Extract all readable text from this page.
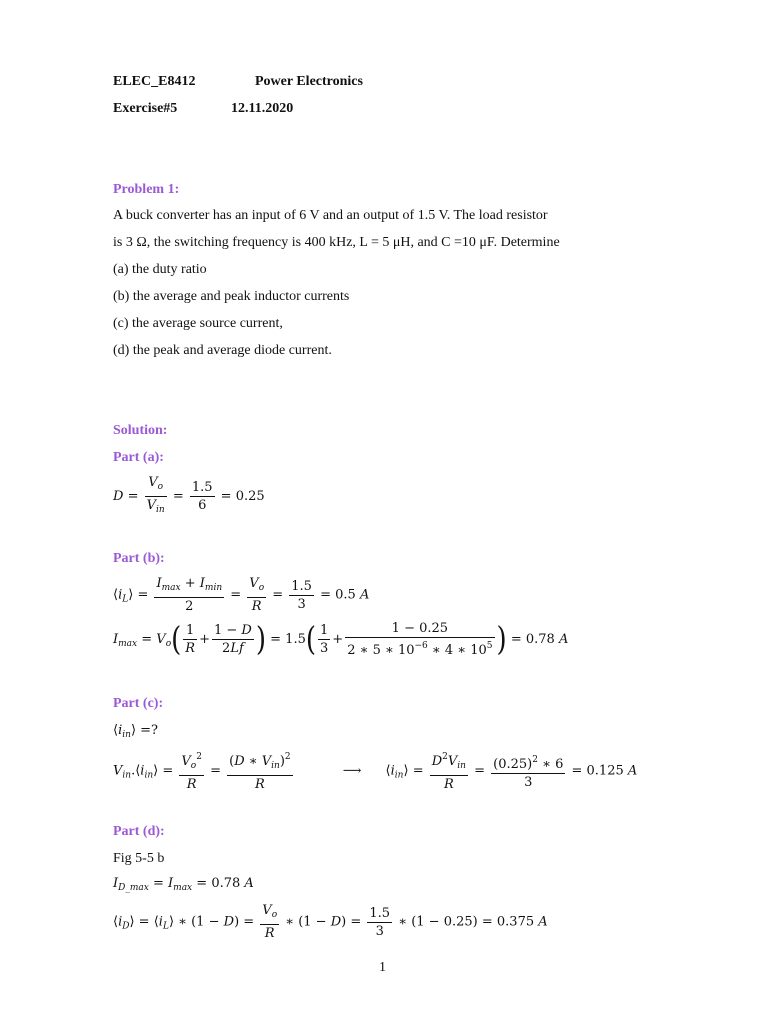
ELEC_E8412	Power Electronics
Exercise#5	12.11.2020
Problem 1:
A buck converter has an input of 6 V and an output of 1.5 V. The load resistor
is 3 Ω, the switching frequency is 400 kHz, L = 5 μH, and C =10 μF. Determine
(a) the duty ratio
(b) the average and peak inductor currents
(c) the average source current,
(d) the peak and average diode current.
Solution:
Part (a):
$D = \frac{V_o}{V_{in}} = \frac{1.5}{6} = 0.25$
Part (b):
$⟨i_L⟩ = \frac{I_{max} + I_{min}}{2} = \frac{V_o}{R} = \frac{1.5}{3} = 0.5$ A
$I_{max} = V_o( \frac{1}{R} + \frac{1 - D}{2Lf}$ ) = $1.5( \frac{1}{3} + \frac{1 - 0.25}{2 ∗ 5 ∗ 10^{-6} ∗ 4 ∗ 10^5}$ ) = 0.78 A
Part (c):
$⟨i_{in}⟩$ =?
$V_{in}.⟨i_{in}⟩ = \frac{V_o^2}{R} = \frac{(D ∗ V_{in})^2}{R}$	⟶ $⟨i_{in}⟩ = \frac{D^2V_{in}}{R} = \frac{(0.25)^2 ∗ 6}{3} = 0.125$ A
Part (d):
Fig 5-5 b
$I_{D\_max} = I_{max} = 0.78$ A
$⟨i_D⟩$ = $⟨i_L⟩$ ∗ $(1 - D) = \frac{V_o}{R}$ ∗ $(1 - D) = \frac{1.5}{3}$ ∗ (1 − 0.25) = 0.375 A
1
